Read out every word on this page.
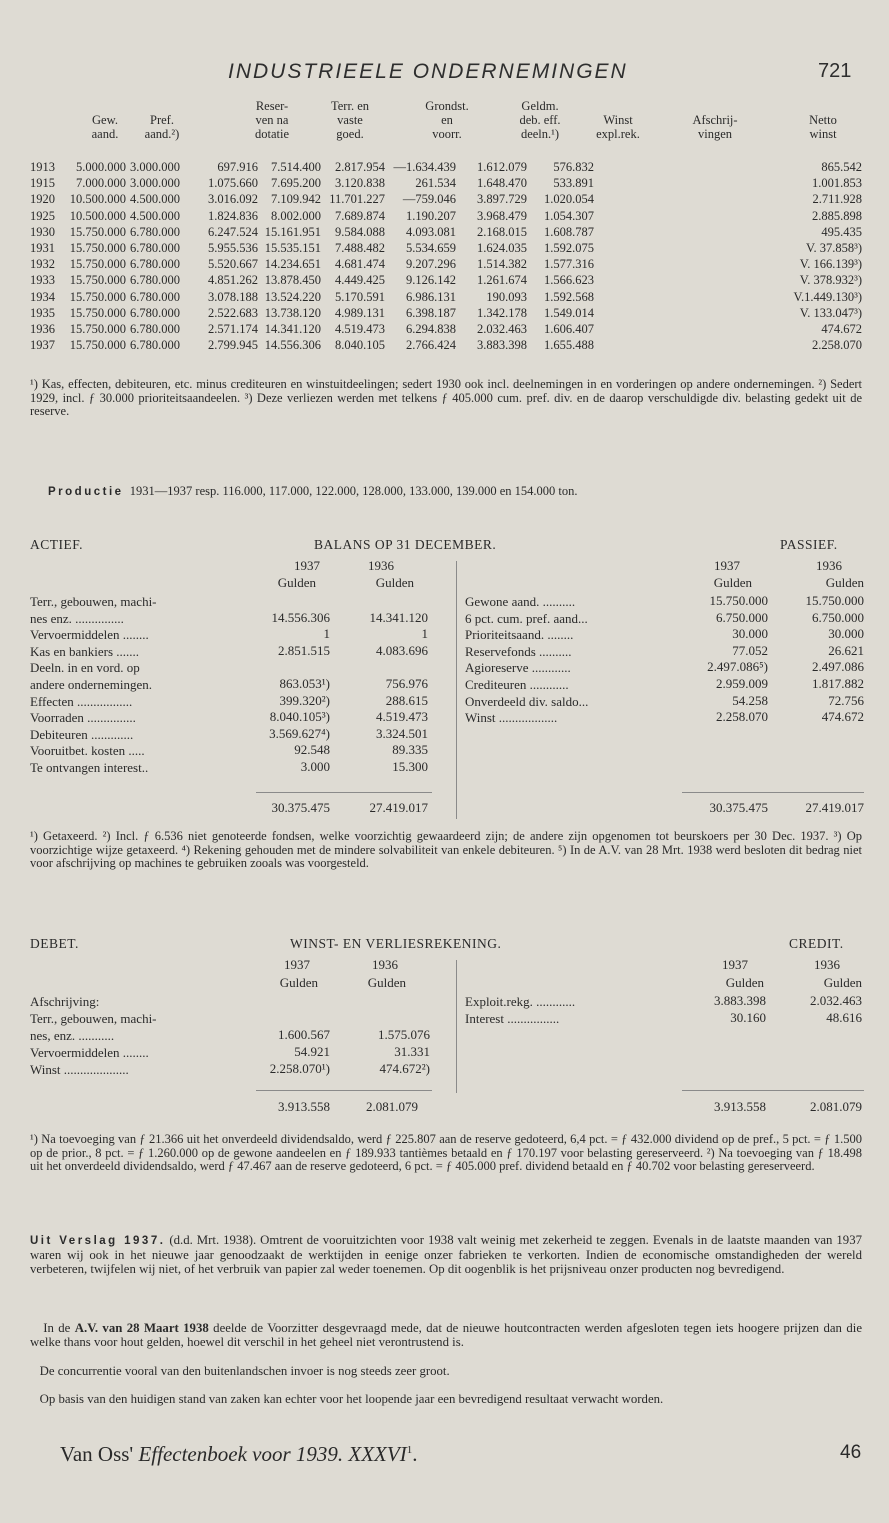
INDUSTRIEELE ONDERNEMINGEN	721
Gew.
aand.
Pref.
aand.²)
Reser-
ven na
dotatie
Terr. en
vaste
goed.
Grondst.
en
voorr.
Geldm.
deb. eff.
deeln.¹)
Winst
expl.rek.
Afschrij-
vingen
Netto
winst
1913 5.000.000 3.000.000	697.916 7.514.400 2.817.954 —1.634.439 1.612.079 576.832	865.542
1915 7.000.000 3.000.000 1.075.660 7.695.200 3.120.838 261.534 1.648.470 533.891	1.001.853
1920 10.500.000 4.500.000 3.016.092 7.109.942 11.701.227 —759.046 3.897.729 1.020.054	2.711.928
1925 10.500.000 4.500.000 1.824.836 8.002.000 7.689.874 1.190.207 3.968.479 1.054.307	2.885.898
1930 15.750.000 6.780.000 6.247.524 15.161.951 9.584.088 4.093.081 2.168.015 1.608.787	495.435
1931 15.750.000 6.780.000 5.955.536 15.535.151 7.488.482 5.534.659 1.624.035 1.592.075	V. 37.858³)
1932 15.750.000 6.780.000 5.520.667 14.234.651 4.681.474 9.207.296 1.514.382 1.577.316	V. 166.139³)
1933 15.750.000 6.780.000 4.851.262 13.878.450 4.449.425 9.126.142 1.261.674 1.566.623	V. 378.932³)
1934 15.750.000 6.780.000 3.078.188 13.524.220 5.170.591 6.986.131 190.093 1.592.568	V.1.449.130³)
1935 15.750.000 6.780.000 2.522.683 13.738.120 4.989.131 6.398.187 1.342.178 1.549.014	V. 133.047³)
1936 15.750.000 6.780.000 2.571.174 14.341.120 4.519.473 6.294.838 2.032.463 1.606.407	474.672
1937 15.750.000 6.780.000 2.799.945 14.556.306 8.040.105 2.766.424 3.883.398 1.655.488	2.258.070
¹) Kas, effecten, debiteuren, etc. minus crediteuren en winstuitdeelingen; sedert 1930 ook incl. deelnemingen in en vorderingen op andere ondernemingen. ²) Sedert 1929, incl. ƒ 30.000 prioriteitsaandeelen. ³) Deze verliezen werden met telkens ƒ 405.000 cum. pref. div. en de daarop verschuldigde div. belasting gedekt uit de reserve.
Productie 1931—1937 resp. 116.000, 117.000, 122.000, 128.000, 133.000, 139.000 en 154.000 ton.
ACTIEF.	BALANS OP 31 DECEMBER.	PASSIEF.
1937	1936
Gulden	Gulden
1937	1936
Gulden	Gulden
Terr., gebouwen, machi-
nes enz. ...............	14.556.306	14.341.120
Vervoermiddelen ........	1	1
Kas en bankiers .......	2.851.515	4.083.696
Deeln. in en vord. op
andere ondernemingen.	863.053¹)	756.976
Effecten .................	399.320²)	288.615
Voorraden ...............	8.040.105³)	4.519.473
Debiteuren .............	3.569.627⁴)	3.324.501
Vooruitbet. kosten .....	92.548	89.335
Te ontvangen interest..	3.000	15.300
Gewone aand. ..........	15.750.000	15.750.000
6 pct. cum. pref. aand...	6.750.000	6.750.000
Prioriteitsaand. ........	30.000	30.000
Reservefonds ..........	77.052	26.621
Agioreserve ............	2.497.086⁵)	2.497.086
Crediteuren ............	2.959.009	1.817.882
Onverdeeld div. saldo...	54.258	72.756
Winst ..................	2.258.070	474.672
30.375.475	27.419.017	30.375.475	27.419.017
¹) Getaxeerd. ²) Incl. ƒ 6.536 niet genoteerde fondsen, welke voorzichtig gewaardeerd zijn; de andere zijn opgenomen tot beurskoers per 30 Dec. 1937. ³) Op voorzichtige wijze getaxeerd. ⁴) Rekening gehouden met de mindere solvabiliteit van enkele debiteuren. ⁵) In de A.V. van 28 Mrt. 1938 werd besloten dit bedrag niet voor afschrijving op machines te gebruiken zooals was voorgesteld.
DEBET.	WINST- EN VERLIESREKENING.	CREDIT.
1937	1936
Gulden	Gulden
1937	1936
Gulden	Gulden
Afschrijving:
Terr., gebouwen, machi-
nes, enz. ...........	1.600.567	1.575.076
Vervoermiddelen ........	54.921	31.331
Winst ....................	2.258.070¹)	474.672²)
Exploit.rekg. ............	3.883.398	2.032.463
Interest ................	30.160	48.616
3.913.558	2.081.079	3.913.558	2.081.079
¹) Na toevoeging van ƒ 21.366 uit het onverdeeld dividendsaldo, werd ƒ 225.807 aan de reserve gedoteerd, 6,4 pct. = ƒ 432.000 dividend op de pref., 5 pct. = ƒ 1.500 op de prior., 8 pct. = ƒ 1.260.000 op de gewone aandeelen en ƒ 189.933 tantièmes betaald en ƒ 170.197 voor belasting gereserveerd. ²) Na toevoeging van ƒ 18.498 uit het onverdeeld dividendsaldo, werd ƒ 47.467 aan de reserve gedoteerd, 6 pct. = ƒ 405.000 pref. dividend betaald en ƒ 40.702 voor belasting gereserveerd.
Uit Verslag 1937. (d.d. Mrt. 1938). Omtrent de vooruitzichten voor 1938 valt weinig met zekerheid te zeggen. Evenals in de laatste maanden van 1937 waren wij ook in het nieuwe jaar genoodzaakt de werktijden in eenige onzer fabrieken te verkorten. Indien de economische omstandigheden der wereld verbeteren, twijfelen wij niet, of het verbruik van papier zal weder toenemen. Op dit oogenblik is het prijsniveau onzer producten nog bevredigend.
In de A.V. van 28 Maart 1938 deelde de Voorzitter desgevraagd mede, dat de nieuwe houtcontracten werden afgesloten tegen iets hoogere prijzen dan die welke thans voor hout gelden, hoewel dit verschil in het geheel niet verontrustend is.
De concurrentie vooral van den buitenlandschen invoer is nog steeds zeer groot.
Op basis van den huidigen stand van zaken kan echter voor het loopende jaar een bevredigend resultaat verwacht worden.
Van Oss' Effectenboek voor 1939. XXXVI$^1$.	46
